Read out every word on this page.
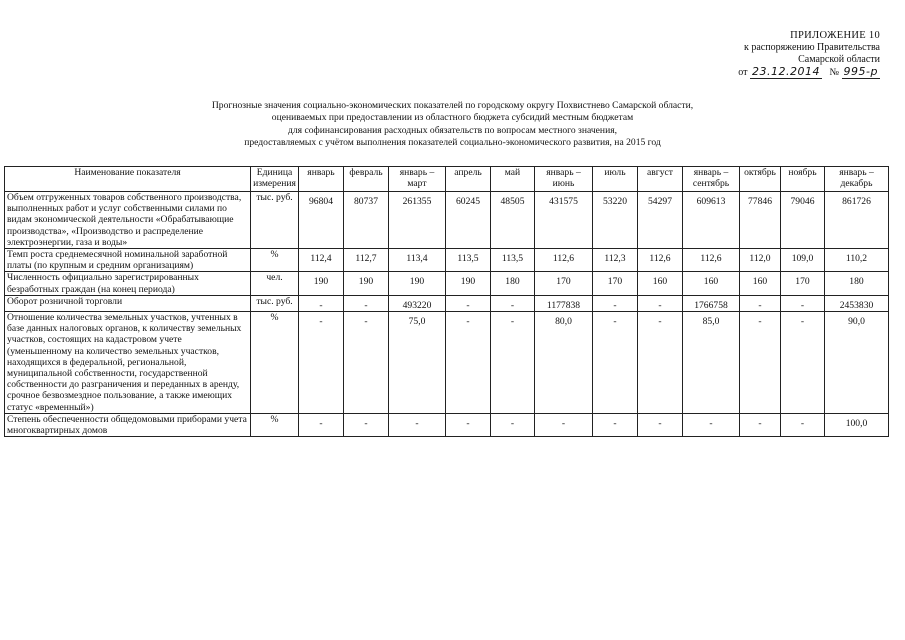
ПРИЛОЖЕНИЕ 10
к распоряжению Правительства
Самарской области
от 23.12.2014 № 995-р
Прогнозные значения социально-экономических показателей по городскому округу Похвистнево Самарской области,
оцениваемых при предоставлении из областного бюджета субсидий местным бюджетам
для софинансирования расходных обязательств по вопросам местного значения,
предоставляемых с учётом выполнения показателей социально-экономического развития, на 2015 год
Наименование показателя	Единица измерения	январь	февраль	январь – март	апрель	май	январь – июнь	июль	август	январь – сентябрь	октябрь	ноябрь	январь – декабрь
Объем отгруженных товаров собственного производства, выполненных работ и услуг собственными силами по видам экономической деятельности «Обрабатывающие производства», «Производство и распределение электроэнергии, газа и воды»	тыс. руб.	96804	80737	261355	60245	48505	431575	53220	54297	609613	77846	79046	861726
Темп роста среднемесячной номинальной заработной платы (по крупным и средним организациям)	%	112,4	112,7	113,4	113,5	113,5	112,6	112,3	112,6	112,6	112,0	109,0	110,2
Численность официально зарегистрированных безработных граждан (на конец периода)	чел.	190	190	190	190	180	170	170	160	160	160	170	180
Оборот розничной торговли	тыс. руб.	-	-	493220	-	-	1177838	-	-	1766758	-	-	2453830
Отношение количества земельных участков, учтенных в базе данных налоговых органов, к количеству земельных участков, состоящих на кадастровом учете (уменьшенному на количество земельных участков, находящихся в федеральной, региональной, муниципальной собственности, государственной собственности до разграничения и переданных в аренду, срочное безвозмездное пользование, а также имеющих статус «временный»)	%	-	-	75,0	-	-	80,0	-	-	85,0	-	-	90,0
Степень обеспеченности общедомовыми приборами учета многоквартирных домов	%	-	-	-	-	-	-	-	-	-	-	-	100,0
